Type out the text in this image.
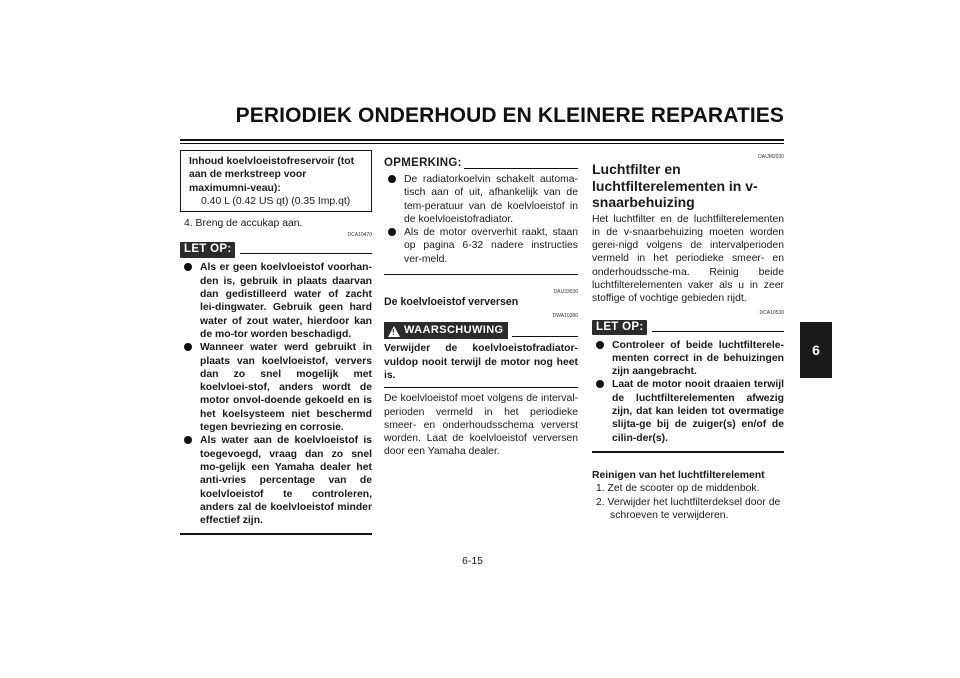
PERIODIEK ONDERHOUD EN KLEINERE REPARATIES
6
Inhoud koelvloeistofreservoir (tot aan de merkstreep voor maximumni-veau):
0.40 L (0.42 US qt) (0.35 Imp.qt)

4. Breng de accukap aan.

DCA10470
LET OP:
Als er geen koelvloeistof voorhan-den is, gebruik in plaats daarvan dan gedistilleerd water of zacht lei-dingwater. Gebruik geen hard water of zout water, hierdoor kan de mo-tor worden beschadigd.
Wanneer water werd gebruikt in plaats van koelvloeistof, ververs dan zo snel mogelijk met koelvloei-stof, anders wordt de motor onvol-doende gekoeld en is het koelsysteem niet beschermd tegen bevriezing en corrosie.
Als water aan de koelvloeistof is toegevoegd, vraag dan zo snel mo-gelijk een Yamaha dealer het anti-vries percentage van de koelvloeistof te controleren, anders zal de koelvloeistof minder effectief zijn.
OPMERKING:
De radiatorkoelvin schakelt automa-tisch aan of uit, afhankelijk van de tem-peratuur van de koelvloeistof in de koelvloeistofradiator.
Als de motor oververhit raakt, staan op pagina 6-32 nadere instructies ver-meld.
DAU33030

De koelvloeistof verversen

DWA10380
!
WAARSCHUWING
Verwijder de koelvloeistofradiator-vuldop nooit terwijl de motor nog heet is.
De koelvloeistof moet volgens de interval-perioden vermeld in het periodieke smeer- en onderhoudsschema ververst worden. Laat de koelvloeistof verversen door een Yamaha dealer.
DAUM2030

Luchtfilter en luchtfilterelementen in v-snaarbehuizing

Het luchtfilter en de luchtfilterelementen in de v-snaarbehuizing moeten worden gerei-nigd volgens de intervalperioden vermeld in het periodieke smeer- en onderhoudssche-ma. Reinig beide luchtfilterelementen vaker als u in zeer stoffige of vochtige gebieden rijdt.
DCA10530
LET OP:
Controleer of beide luchtfilterele-menten correct in de behuizingen zijn aangebracht.
Laat de motor nooit draaien terwijl de luchtfilterelementen afwezig zijn, dat kan leiden tot overmatige slijta-ge bij de zuiger(s) en/of de cilin-der(s).

Reinigen van het luchtfilterelement

1. Zet de scooter op de middenbok.

2. Verwijder het luchtfilterdeksel door de schroeven te verwijderen.

6-15
